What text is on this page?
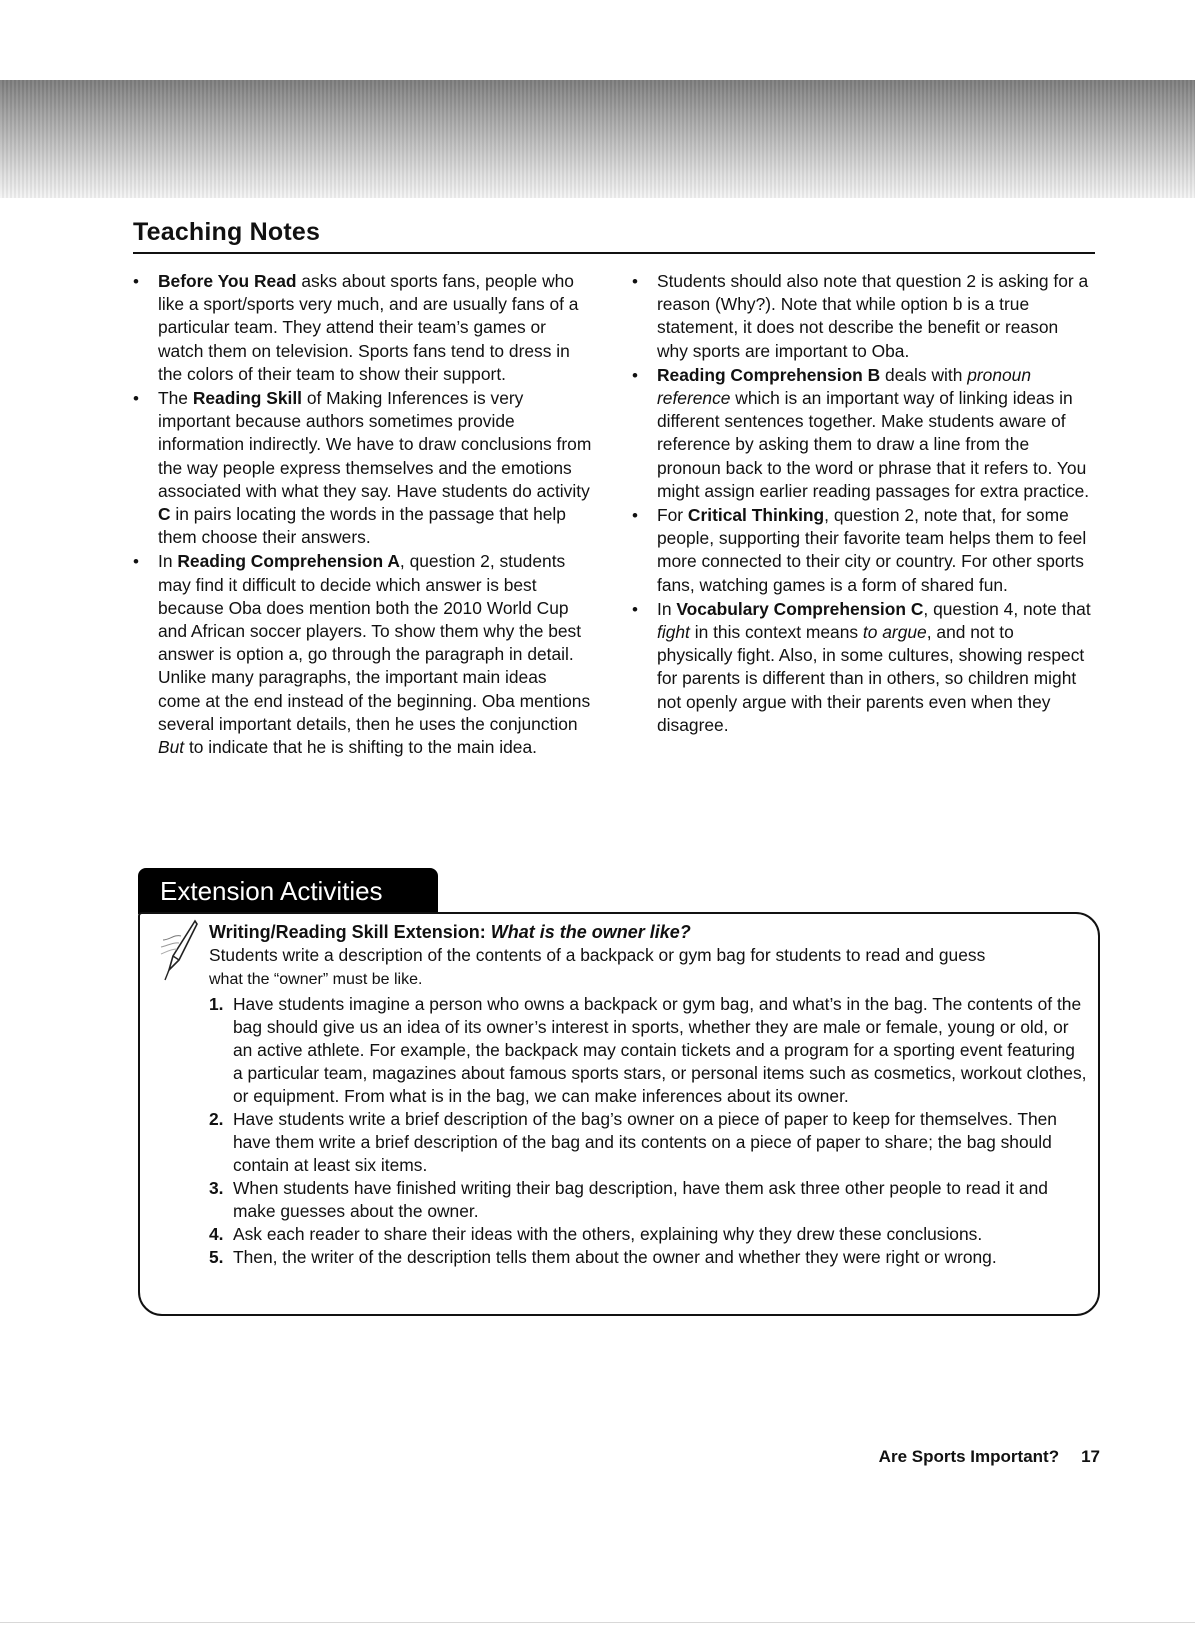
Teaching Notes
• Before You Read asks about sports fans, people who like a sport/sports very much, and are usually fans of a particular team. They attend their team’s games or watch them on television. Sports fans tend to dress in the colors of their team to show their support.
• The Reading Skill of Making Inferences is very important because authors sometimes provide information indirectly. We have to draw conclusions from the way people express themselves and the emotions associated with what they say. Have students do activity C in pairs locating the words in the passage that help them choose their answers.
• In Reading Comprehension A, question 2, students may find it difficult to decide which answer is best because Oba does mention both the 2010 World Cup and African soccer players. To show them why the best answer is option a, go through the paragraph in detail. Unlike many paragraphs, the important main ideas come at the end instead of the beginning. Oba mentions several important details, then he uses the conjunction But to indicate that he is shifting to the main idea.
• Students should also note that question 2 is asking for a reason (Why?). Note that while option b is a true statement, it does not describe the benefit or reason why sports are important to Oba.
• Reading Comprehension B deals with pronoun reference which is an important way of linking ideas in different sentences together. Make students aware of reference by asking them to draw a line from the pronoun back to the word or phrase that it refers to. You might assign earlier reading passages for extra practice.
• For Critical Thinking, question 2, note that, for some people, supporting their favorite team helps them to feel more connected to their city or country. For other sports fans, watching games is a form of shared fun.
• In Vocabulary Comprehension C, question 4, note that fight in this context means to argue, and not to physically fight. Also, in some cultures, showing respect for parents is different than in others, so children might not openly argue with their parents even when they disagree.
Extension Activities

Writing/Reading Skill Extension: What is the owner like?

Students write a description of the contents of a backpack or gym bag for students to read and guess
what the “owner” must be like.

1. Have students imagine a person who owns a backpack or gym bag, and what’s in the bag. The contents of the bag should give us an idea of its owner’s interest in sports, whether they are male or female, young or old, or an active athlete. For example, the backpack may contain tickets and a program for a sporting event featuring a particular team, magazines about famous sports stars, or personal items such as cosmetics, workout clothes, or equipment. From what is in the bag, we can make inferences about its owner.
2. Have students write a brief description of the bag’s owner on a piece of paper to keep for themselves. Then have them write a brief description of the bag and its contents on a piece of paper to share; the bag should contain at least six items.
3. When students have finished writing their bag description, have them ask three other people to read it and make guesses about the owner.
4. Ask each reader to share their ideas with the others, explaining why they drew these conclusions.
5. Then, the writer of the description tells them about the owner and whether they were right or wrong.
Are Sports Important? 17
